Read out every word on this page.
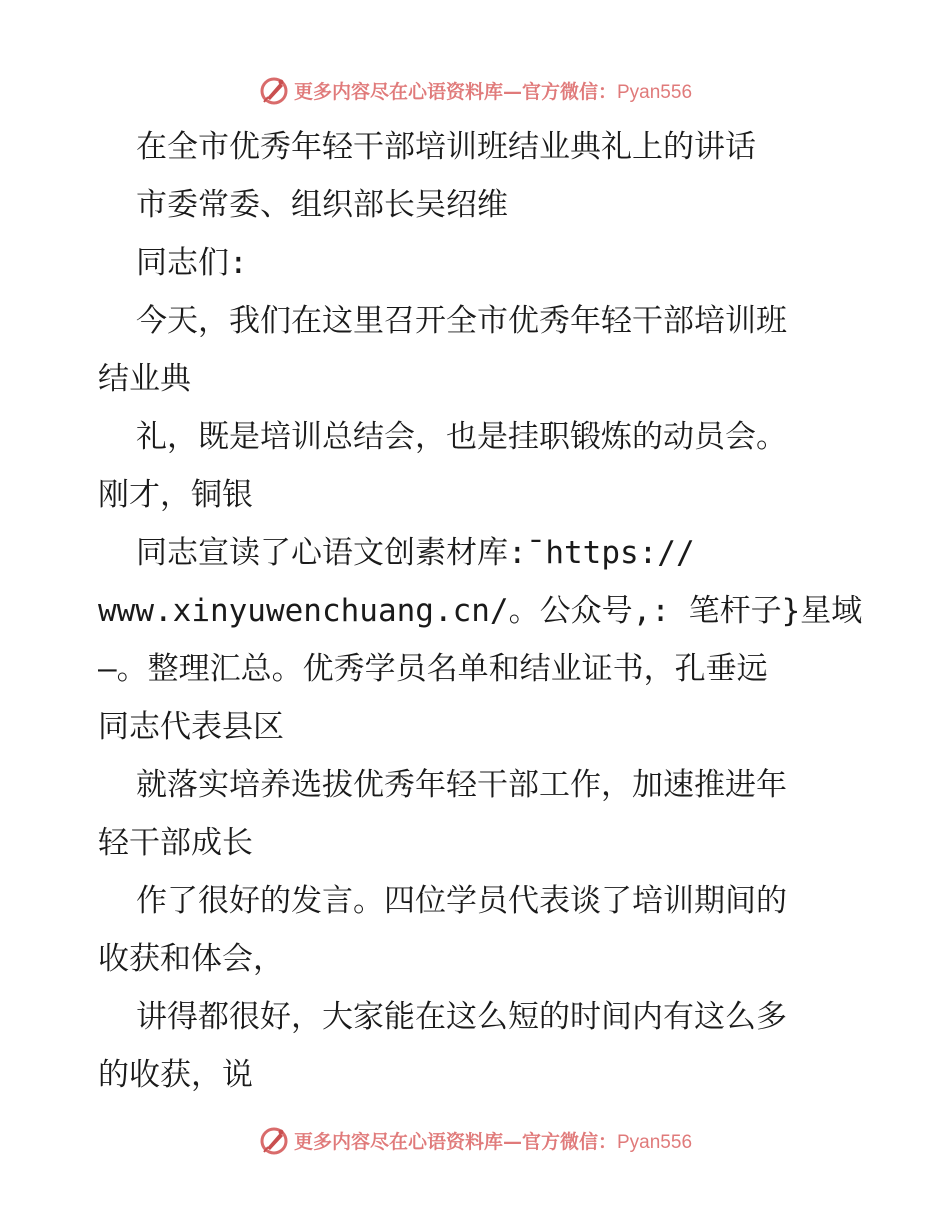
更多内容尽在心语资料库—官方微信：Pyan556
在全市优秀年轻干部培训班结业典礼上的讲话
市委常委、组织部长吴绍维
同志们:
今天，我们在这里召开全市优秀年轻干部培训班
结业典
礼，既是培训总结会，也是挂职锻炼的动员会。
刚才，铜银
同志宣读了心语文创素材库:¯https://
www.xinyuwenchuang.cn/。公众号,: 笔杆子}星域
—。整理汇总。优秀学员名单和结业证书，孔垂远
同志代表县区
就落实培养选拔优秀年轻干部工作，加速推进年
轻干部成长
作了很好的发言。四位学员代表谈了培训期间的
收获和体会，
讲得都很好，大家能在这么短的时间内有这么多
的收获，说
更多内容尽在心语资料库—官方微信：Pyan556
